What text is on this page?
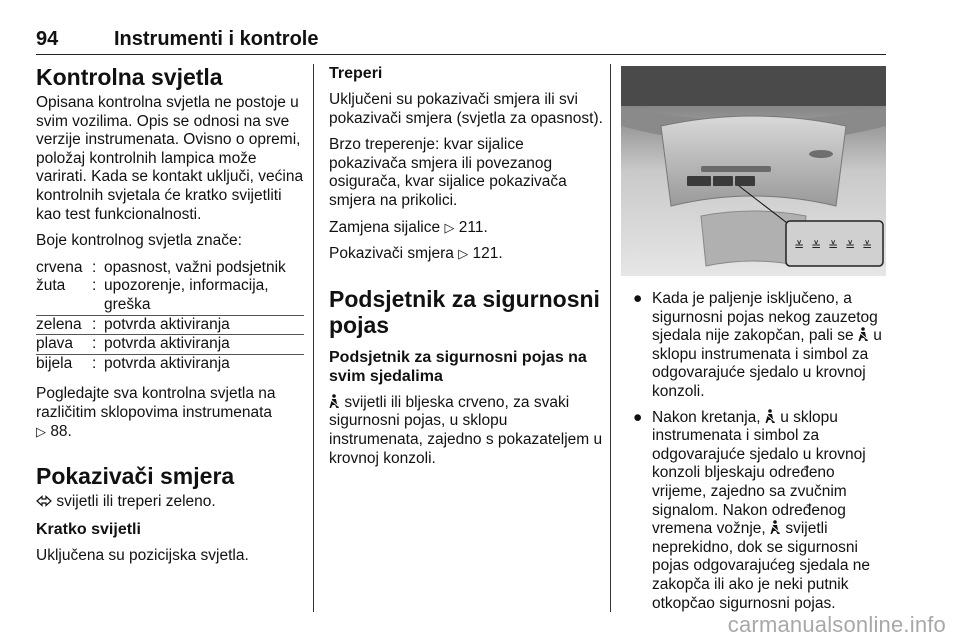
94	Instrumenti i kontrole
Kontrolna svjetla

Opisana kontrolna svjetla ne postoje u svim vozilima. Opis se odnosi na sve verzije instrumenata. Ovisno o opremi, položaj kontrolnih lampica može varirati. Kada se kontakt uključi, većina kontrolnih svjetala će kratko svijetliti kao test funkcionalnosti.

Boje kontrolnog svjetla znače:

crvena	:	opasnost, važni podsjetnik
žuta	:	upozorenje, informacija, greška
zelena	:	potvrda aktiviranja
plava	:	potvrda aktiviranja
bijela	:	potvrda aktiviranja

Pogledajte sva kontrolna svjetla na različitim sklopovima instrumenata
▷ 88.

Pokazivači smjera

svijetli ili treperi zeleno.

Kratko svijetli

Uključena su pozicijska svjetla.

Treperi

Uključeni su pokazivači smjera ili svi pokazivači smjera (svjetla za opasnost).

Brzo treperenje: kvar sijalice pokazivača smjera ili povezanog osigurača, kvar sijalice pokazivača smjera na prikolici.

Zamjena sijalice ▷ 211.

Pokazivači smjera ▷ 121.

Podsjetnik za sigurnosni pojas
Podsjetnik za sigurnosni pojas na svim sjedalima

svijetli ili bljeska crveno, za svaki sigurnosni pojas, u sklopu instrumenata, zajedno s pokazateljem u krovnoj konzoli.

≚ ≚ ≚ ≚ ≚
● Kada je paljenje isključeno, a sigurnosni pojas nekog zauzetog sjedala nije zakopčan, pali se u sklopu instrumenata i simbol za odgovarajuće sjedalo u krovnoj konzoli.
● Nakon kretanja, u sklopu instrumenata i simbol za odgovarajuće sjedalo u krovnoj konzoli bljeskaju određeno vrijeme, zajedno sa zvučnim signalom. Nakon određenog vremena vožnje, svijetli neprekidno, dok se sigurnosni pojas odgovarajućeg sjedala ne zakopča ili ako je neki putnik otkopčao sigurnosni pojas.
carmanualsonline.info
